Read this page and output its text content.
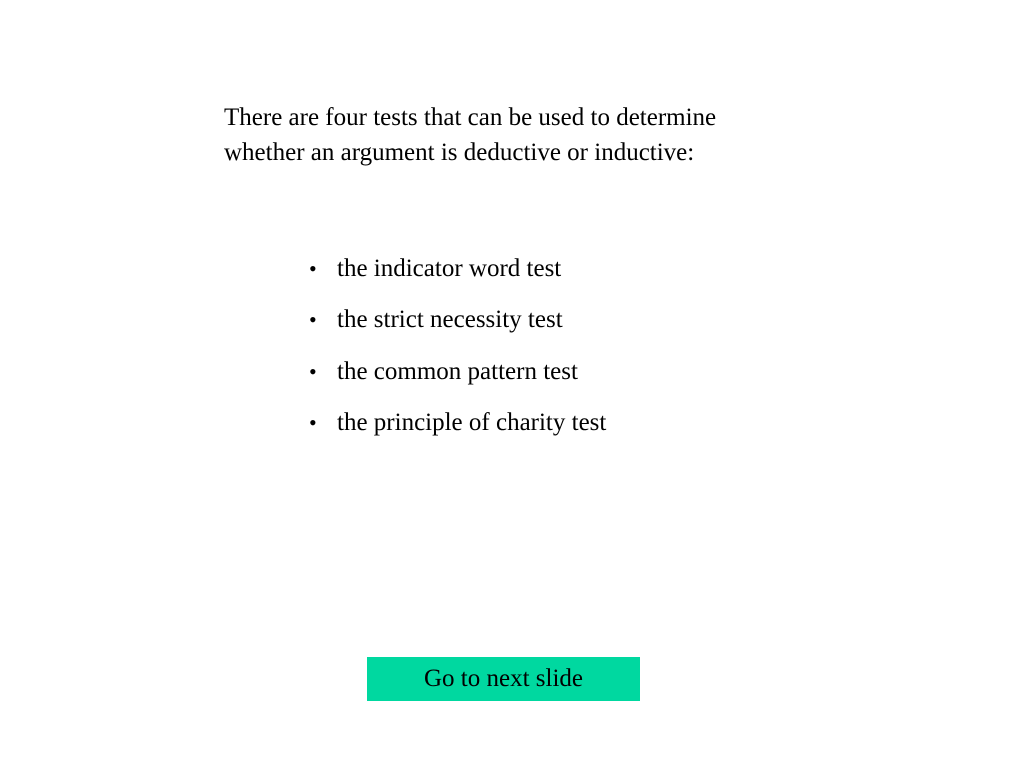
There are four tests that can be used to determine
whether an argument is deductive or inductive:

• the indicator word test
• the strict necessity test
• the common pattern test
• the principle of charity test
Go to next slide
